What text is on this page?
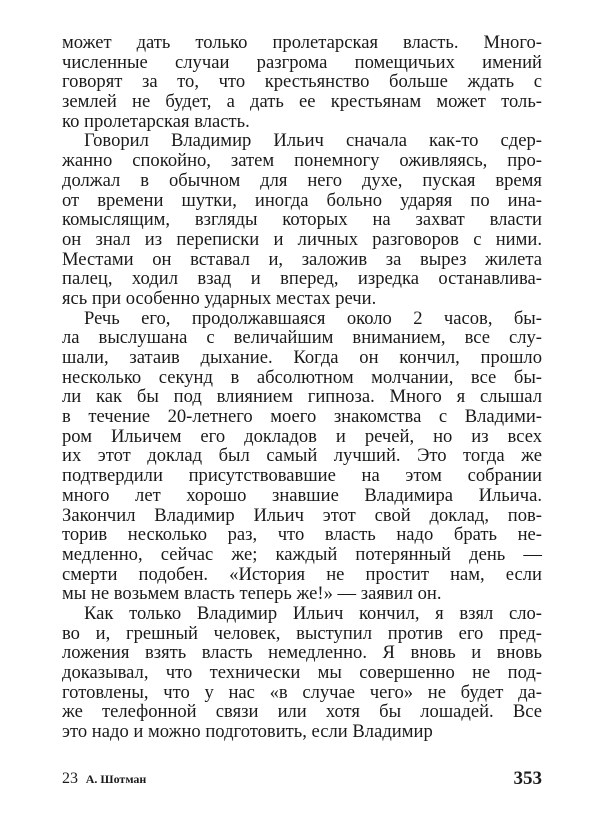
может дать только пролетарская власть. Много-
численные случаи разгрома помещичьих имений
говорят за то, что крестьянство больше ждать с
землей не будет, а дать ее крестьянам может толь-
ко пролетарская власть.
Говорил Владимир Ильич сначала как-то сдер-
жанно спокойно, затем понемногу оживляясь, про-
должал в обычном для него духе, пуская время
от времени шутки, иногда больно ударяя по ина-
комыслящим, взгляды которых на захват власти
он знал из переписки и личных разговоров с ними.
Местами он вставал и, заложив за вырез жилета
палец, ходил взад и вперед, изредка останавлива-
ясь при особенно ударных местах речи.
Речь его, продолжавшаяся около 2 часов, бы-
ла выслушана с величайшим вниманием, все слу-
шали, затаив дыхание. Когда он кончил, прошло
несколько секунд в абсолютном молчании, все бы-
ли как бы под влиянием гипноза. Много я слышал
в течение 20-летнего моего знакомства с Владими-
ром Ильичем его докладов и речей, но из всех
их этот доклад был самый лучший. Это тогда же
подтвердили присутствовавшие на этом собрании
много лет хорошо знавшие Владимира Ильича.
Закончил Владимир Ильич этот свой доклад, пов-
торив несколько раз, что власть надо брать не-
медленно, сейчас же; каждый потерянный день —
смерти подобен. «История не простит нам, если
мы не возьмем власть теперь же!» — заявил он.
Как только Владимир Ильич кончил, я взял сло-
во и, грешный человек, выступил против его пред-
ложения взять власть немедленно. Я вновь и вновь
доказывал, что технически мы совершенно не под-
готовлены, что у нас «в случае чего» не будет да-
же телефонной связи или хотя бы лошадей. Все
это надо и можно подготовить, если Владимир
23 А. Шотман	353
